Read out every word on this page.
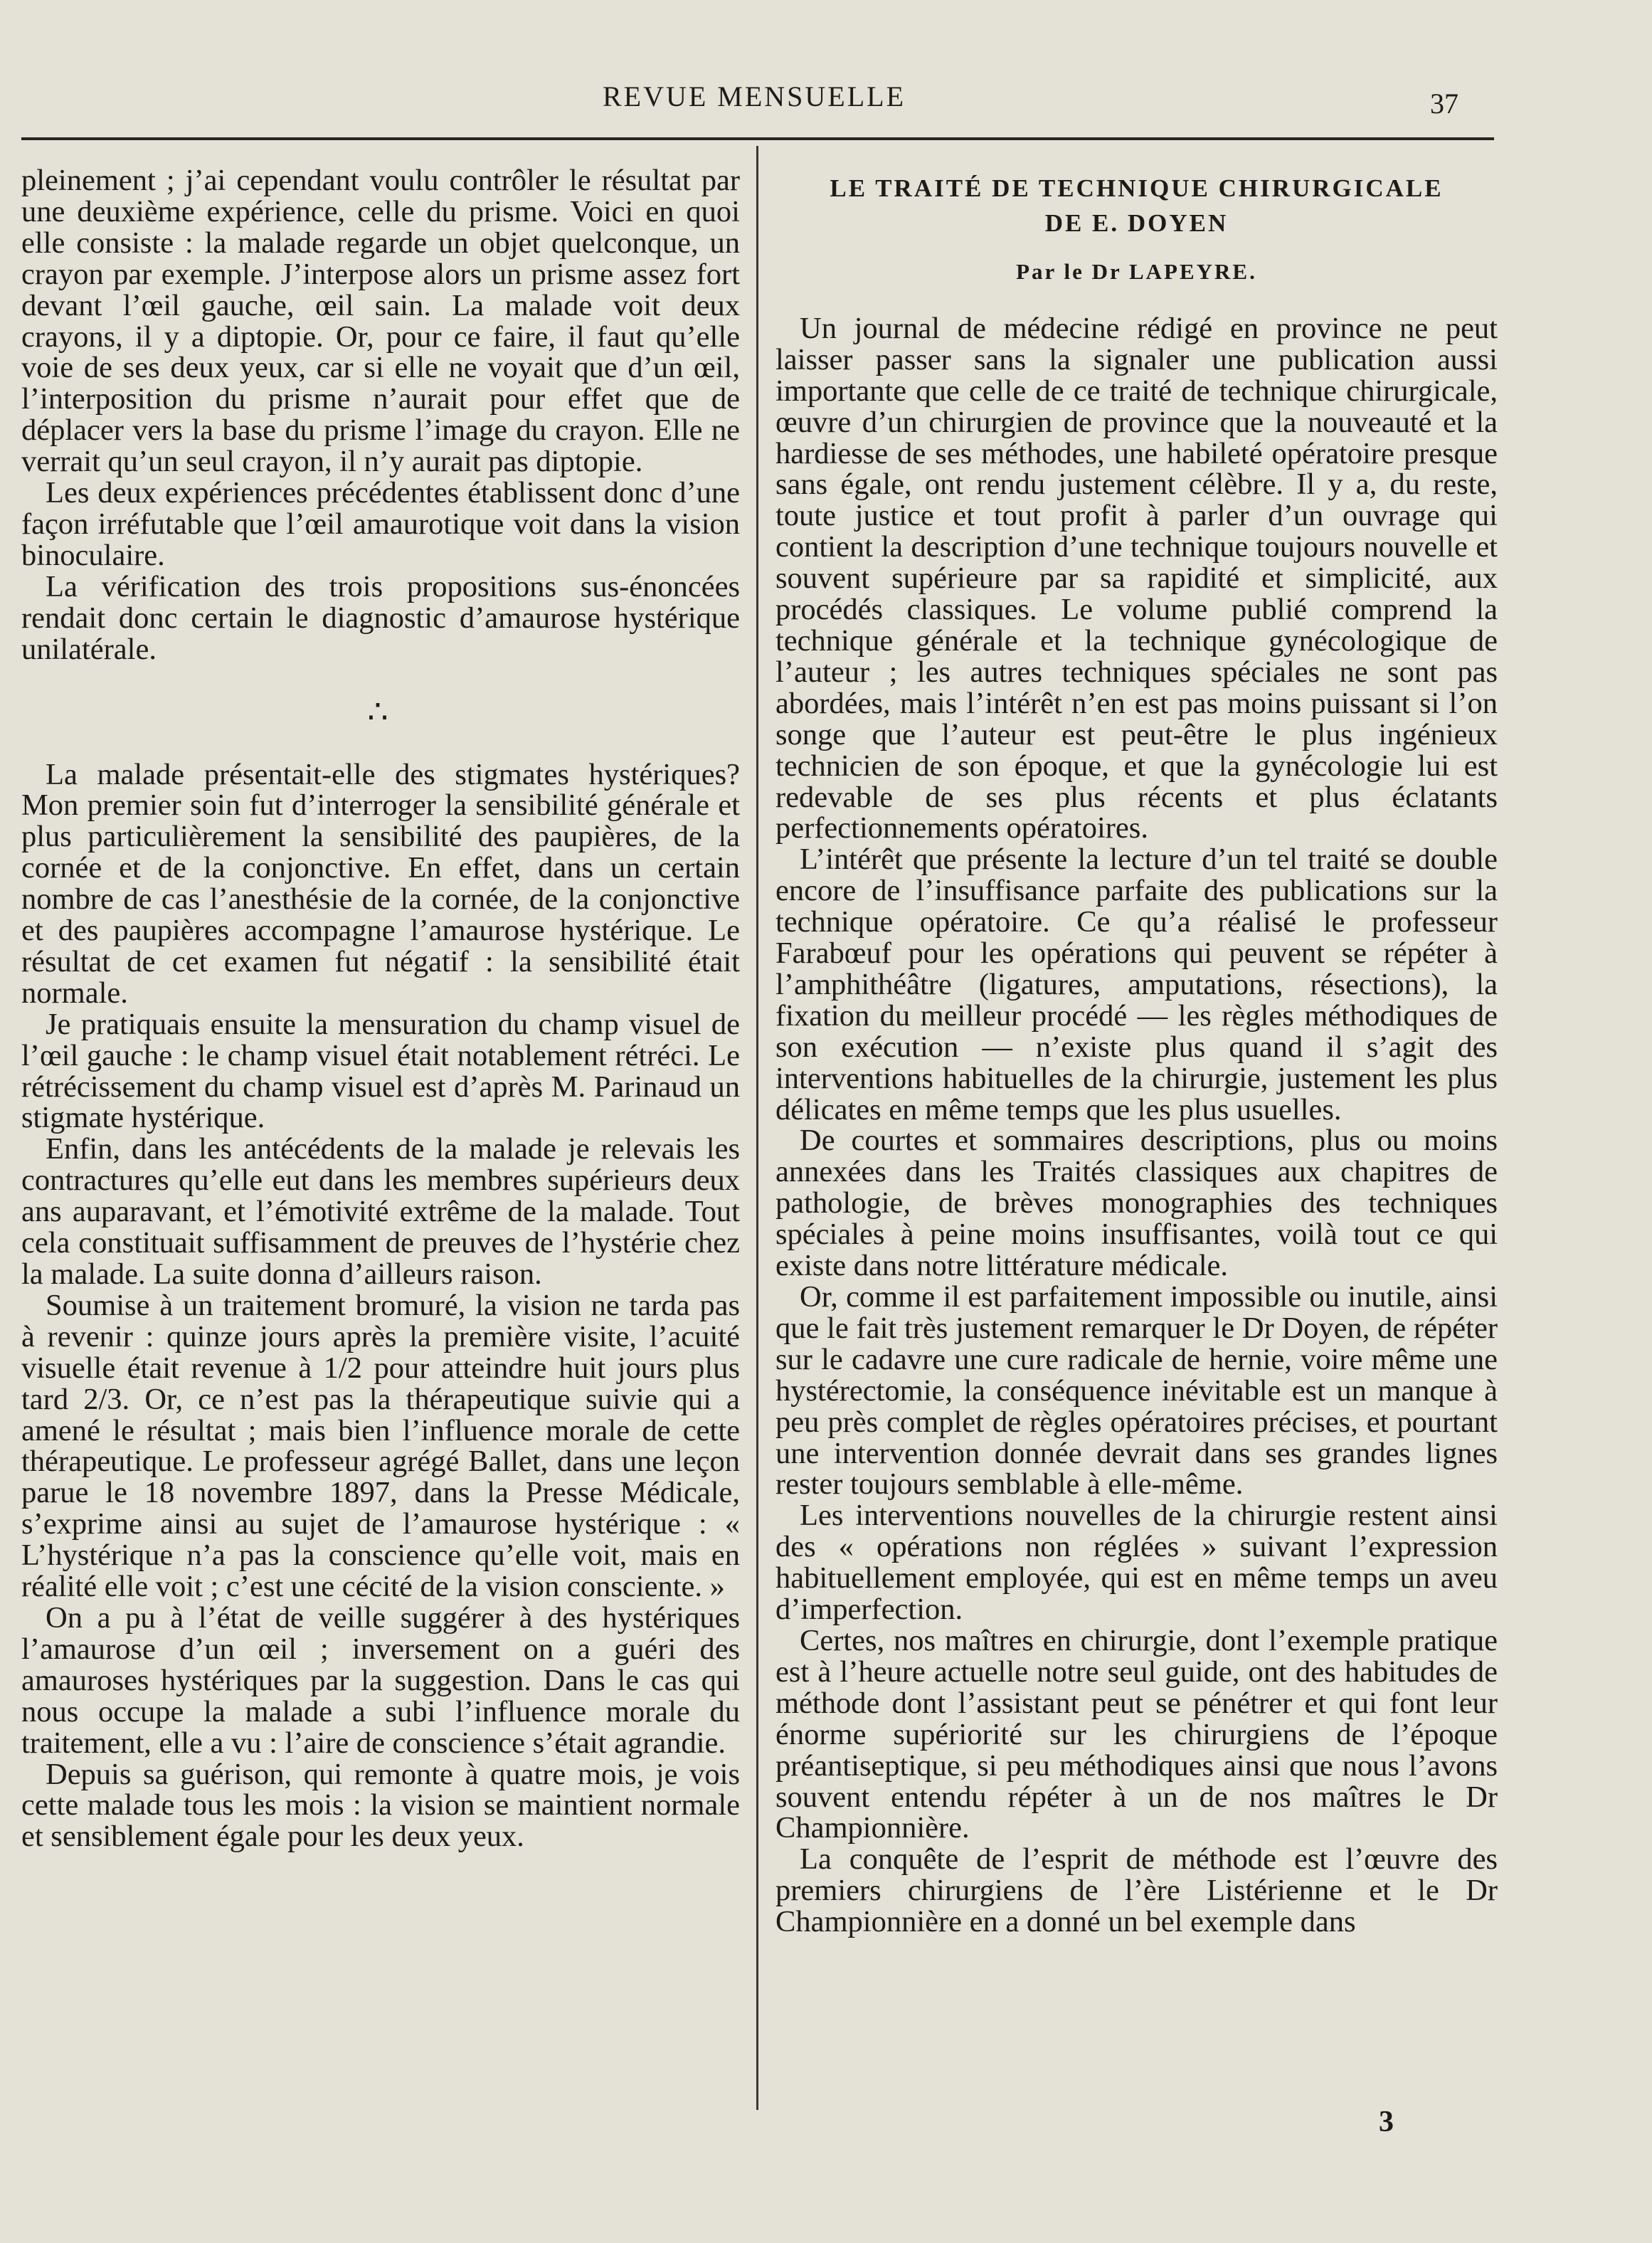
REVUE MENSUELLE	37

pleinement ; j’ai cependant voulu contrôler le résultat par une deuxième expérience, celle du prisme. Voici en quoi elle consiste : la malade regarde un objet quelconque, un crayon par exemple. J’interpose alors un prisme assez fort devant l’œil gauche, œil sain. La malade voit deux crayons, il y a diptopie. Or, pour ce faire, il faut qu’elle voie de ses deux yeux, car si elle ne voyait que d’un œil, l’interposition du prisme n’aurait pour effet que de déplacer vers la base du prisme l’image du crayon. Elle ne verrait qu’un seul crayon, il n’y aurait pas diptopie.

Les deux expériences précédentes établissent donc d’une façon irréfutable que l’œil amaurotique voit dans la vision binoculaire.

La vérification des trois propositions sus-énoncées rendait donc certain le diagnostic d’amaurose hystérique unilatérale.

∴

La malade présentait-elle des stigmates hystériques? Mon premier soin fut d’interroger la sensibilité générale et plus particulièrement la sensibilité des paupières, de la cornée et de la conjonctive. En effet, dans un certain nombre de cas l’anesthésie de la cornée, de la conjonctive et des paupières accompagne l’amaurose hystérique. Le résultat de cet examen fut négatif : la sensibilité était normale.

Je pratiquais ensuite la mensuration du champ visuel de l’œil gauche : le champ visuel était notablement rétréci. Le rétrécissement du champ visuel est d’après M. Parinaud un stigmate hystérique.

Enfin, dans les antécédents de la malade je relevais les contractures qu’elle eut dans les membres supérieurs deux ans auparavant, et l’émotivité extrême de la malade. Tout cela constituait suffisamment de preuves de l’hystérie chez la malade. La suite donna d’ailleurs raison.

Soumise à un traitement bromuré, la vision ne tarda pas à revenir : quinze jours après la première visite, l’acuité visuelle était revenue à 1/2 pour atteindre huit jours plus tard 2/3. Or, ce n’est pas la thérapeutique suivie qui a amené le résultat ; mais bien l’influence morale de cette thérapeutique. Le professeur agrégé Ballet, dans une leçon parue le 18 novembre 1897, dans la Presse Médicale, s’exprime ainsi au sujet de l’amaurose hystérique : « L’hystérique n’a pas la conscience qu’elle voit, mais en réalité elle voit ; c’est une cécité de la vision consciente. »

On a pu à l’état de veille suggérer à des hystériques l’amaurose d’un œil ; inversement on a guéri des amauroses hystériques par la suggestion. Dans le cas qui nous occupe la malade a subi l’influence morale du traitement, elle a vu : l’aire de conscience s’était agrandie.

Depuis sa guérison, qui remonte à quatre mois, je vois cette malade tous les mois : la vision se maintient normale et sensiblement égale pour les deux yeux.

LE TRAITÉ DE TECHNIQUE CHIRURGICALE

DE E. DOYEN

Par le Dr LAPEYRE.

Un journal de médecine rédigé en province ne peut laisser passer sans la signaler une publication aussi importante que celle de ce traité de technique chirurgicale, œuvre d’un chirurgien de province que la nouveauté et la hardiesse de ses méthodes, une habileté opératoire presque sans égale, ont rendu justement célèbre. Il y a, du reste, toute justice et tout profit à parler d’un ouvrage qui contient la description d’une technique toujours nouvelle et souvent supérieure par sa rapidité et simplicité, aux procédés classiques. Le volume publié comprend la technique générale et la technique gynécologique de l’auteur ; les autres techniques spéciales ne sont pas abordées, mais l’intérêt n’en est pas moins puissant si l’on songe que l’auteur est peut-être le plus ingénieux technicien de son époque, et que la gynécologie lui est redevable de ses plus récents et plus éclatants perfectionnements opératoires.

L’intérêt que présente la lecture d’un tel traité se double encore de l’insuffisance parfaite des publications sur la technique opératoire. Ce qu’a réalisé le professeur Farabœuf pour les opérations qui peuvent se répéter à l’amphithéâtre (ligatures, amputations, résections), la fixation du meilleur procédé — les règles méthodiques de son exécution — n’existe plus quand il s’agit des interventions habituelles de la chirurgie, justement les plus délicates en même temps que les plus usuelles.

De courtes et sommaires descriptions, plus ou moins annexées dans les Traités classiques aux chapitres de pathologie, de brèves monographies des techniques spéciales à peine moins insuffisantes, voilà tout ce qui existe dans notre littérature médicale.

Or, comme il est parfaitement impossible ou inutile, ainsi que le fait très justement remarquer le Dr Doyen, de répéter sur le cadavre une cure radicale de hernie, voire même une hystérectomie, la conséquence inévitable est un manque à peu près complet de règles opératoires précises, et pourtant une intervention donnée devrait dans ses grandes lignes rester toujours semblable à elle-même.

Les interventions nouvelles de la chirurgie restent ainsi des « opérations non réglées » suivant l’expression habituellement employée, qui est en même temps un aveu d’imperfection.

Certes, nos maîtres en chirurgie, dont l’exemple pratique est à l’heure actuelle notre seul guide, ont des habitudes de méthode dont l’assistant peut se pénétrer et qui font leur énorme supériorité sur les chirurgiens de l’époque préantiseptique, si peu méthodiques ainsi que nous l’avons souvent entendu répéter à un de nos maîtres le Dr Championnière.

La conquête de l’esprit de méthode est l’œuvre des premiers chirurgiens de l’ère Listérienne et le Dr Championnière en a donné un bel exemple dans

3
